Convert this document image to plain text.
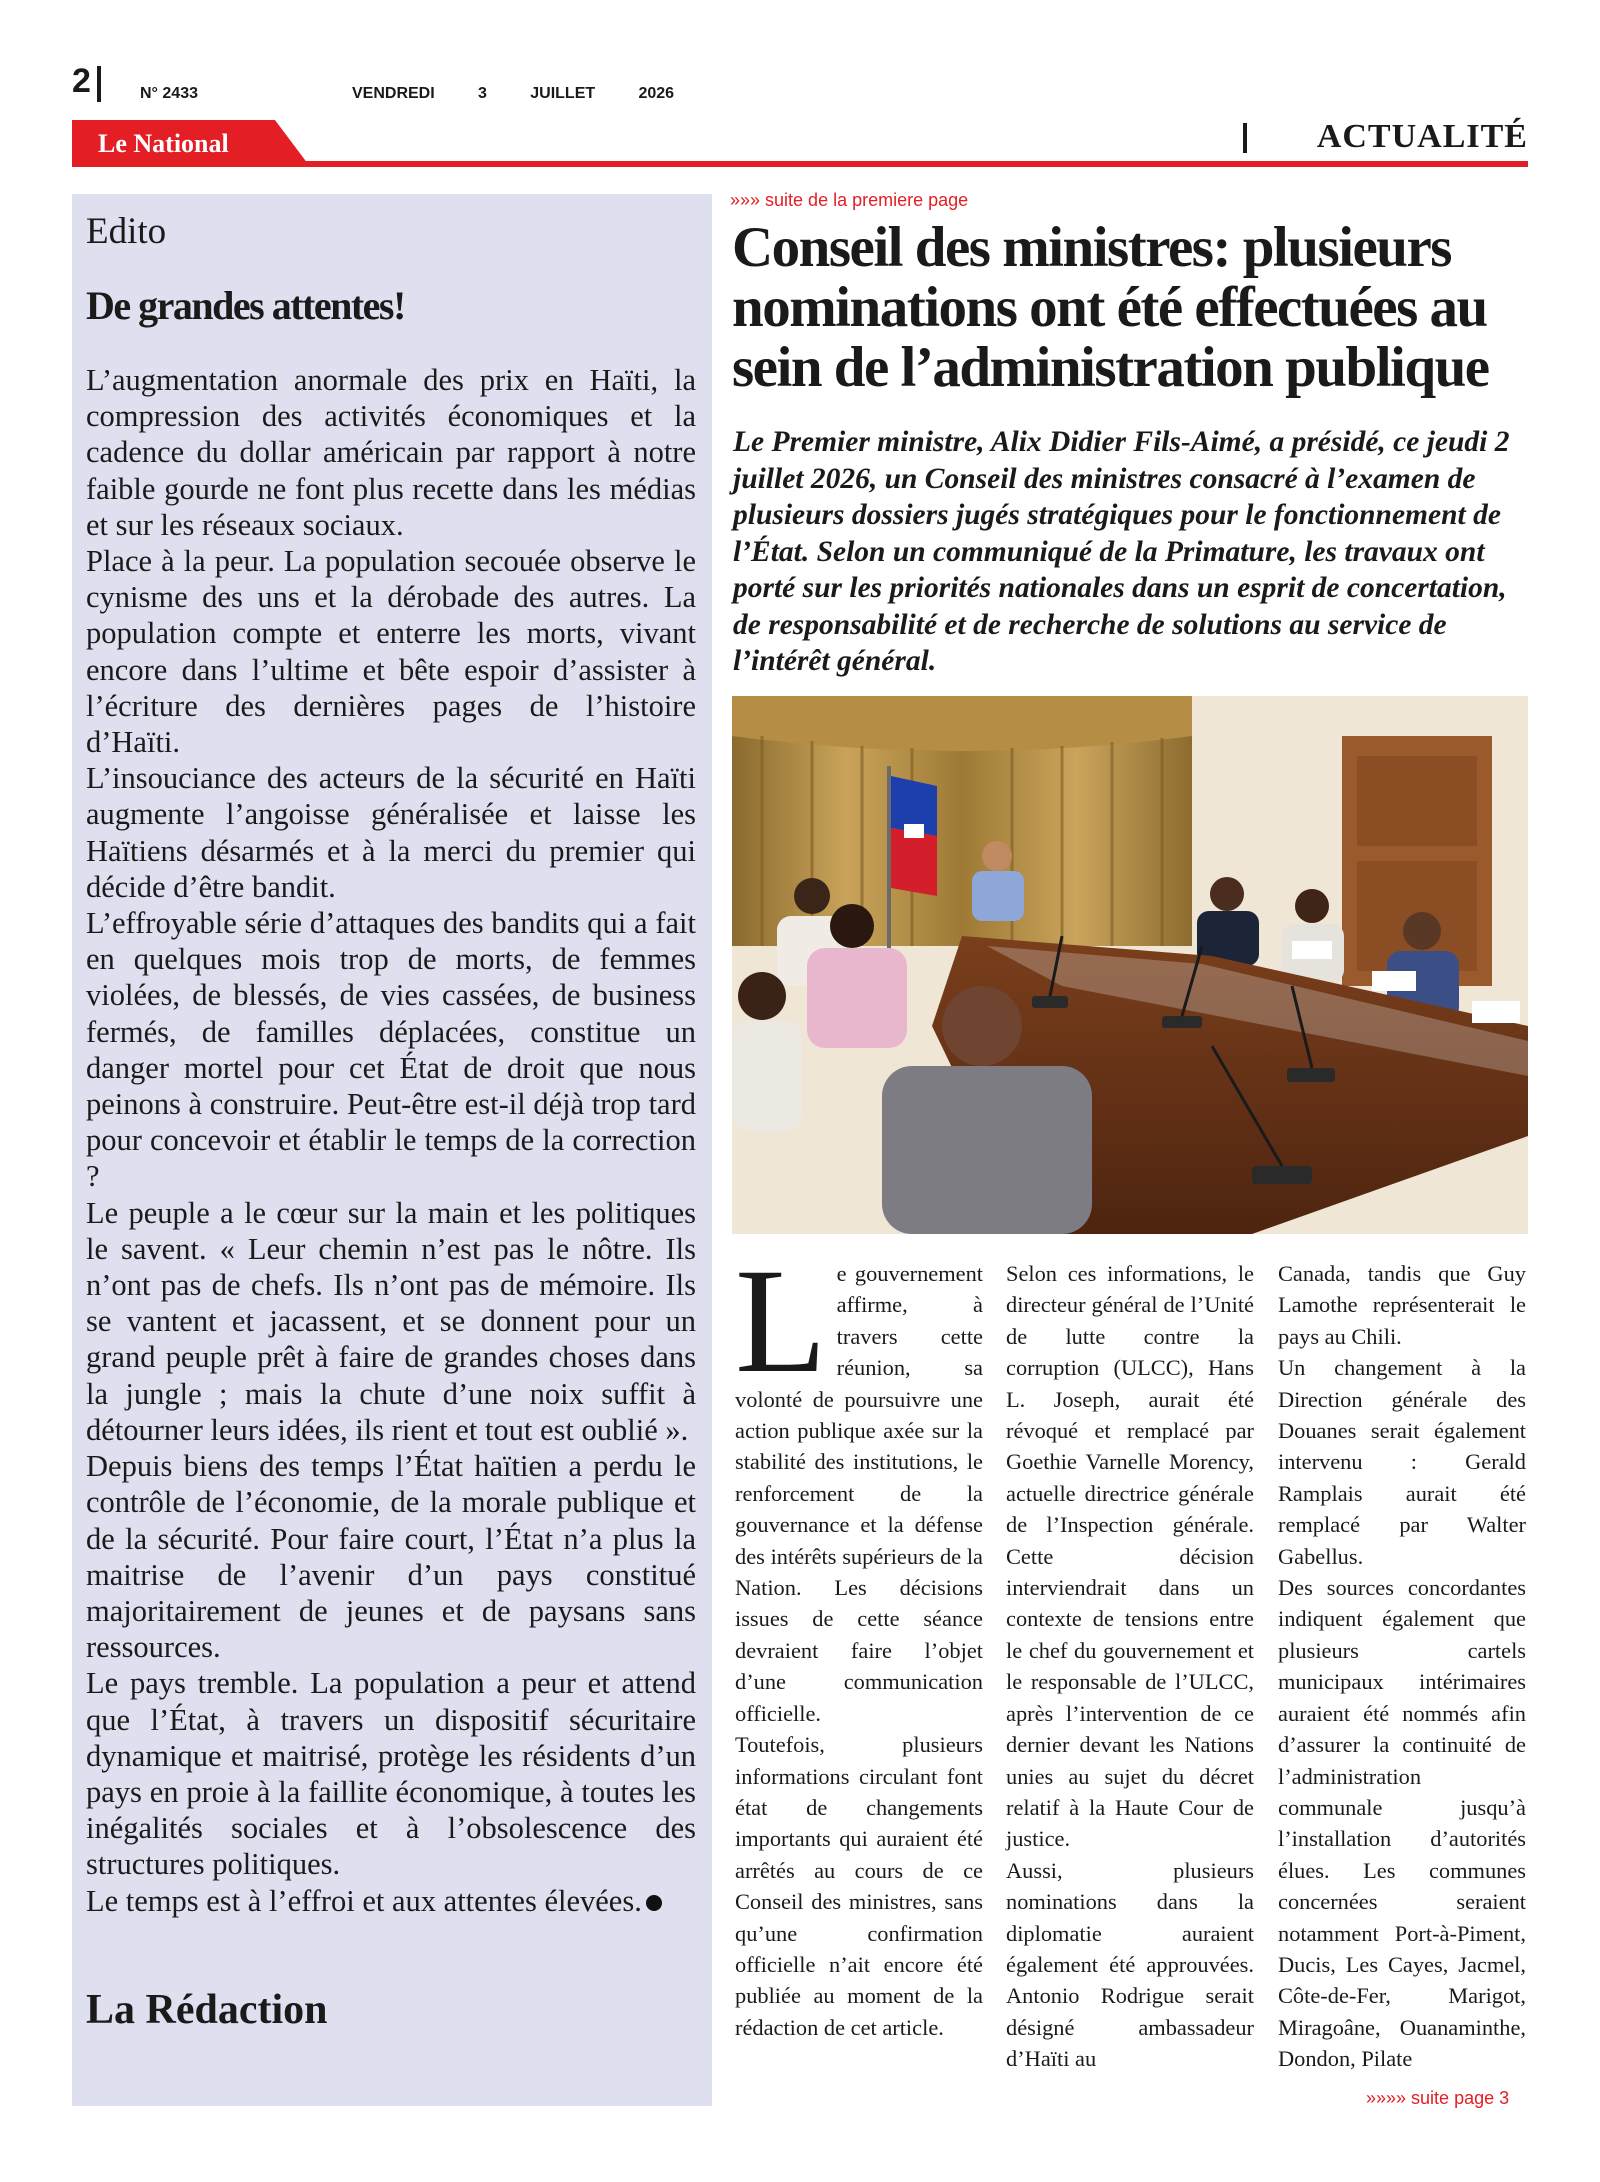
2	N° 2433	VENDREDI   3   JUILLET   2026
Le National	ACTUALITÉ
Edito
De grandes attentes!

L’augmentation anormale des prix en Haïti, la compression des activités économiques et la cadence du dollar américain par rapport à notre faible gourde ne font plus recette dans les médias et sur les réseaux sociaux.

Place à la peur. La population secouée observe le cynisme des uns et la dérobade des autres. La population compte et enterre les morts, vivant encore dans l’ultime et bête espoir d’assister à l’écriture des dernières pages de l’histoire d’Haïti.

L’insouciance des acteurs de la sécurité en Haïti augmente l’angoisse généralisée et laisse les Haïtiens désarmés et à la merci du premier qui décide d’être bandit.

L’effroyable série d’attaques des bandits qui a fait en quelques mois trop de morts, de femmes violées, de blessés, de vies cassées, de business fermés, de familles déplacées, constitue un danger mortel pour cet État de droit que nous peinons à construire. Peut-être est-il déjà trop tard pour concevoir et établir le temps de la correction ?

Le peuple a le cœur sur la main et les politiques le savent. « Leur chemin n’est pas le nôtre. Ils n’ont pas de chefs. Ils n’ont pas de mémoire. Ils se vantent et jacassent, et se donnent pour un grand peuple prêt à faire de grandes choses dans la jungle ; mais la chute d’une noix suffit à détourner leurs idées, ils rient et tout est oublié ».

Depuis biens des temps l’État haïtien a perdu le contrôle de l’économie, de la morale publique et de la sécurité. Pour faire court, l’État n’a plus la maitrise de l’avenir d’un pays constitué majoritairement de jeunes et de paysans sans ressources.

Le pays tremble. La population a peur et attend que l’État, à travers un dispositif sécuritaire dynamique et maitrisé, protège les résidents d’un pays en proie à la faillite économique, à toutes les inégalités sociales et à l’obsolescence des structures politiques.

Le temps est à l’effroi et aux attentes élevées.

La Rédaction
»»» suite de la premiere page
Conseil des ministres: plusieurs nominations ont été effectuées au sein de l’administration publique

Le Premier ministre, Alix Didier Fils-Aimé, a présidé, ce jeudi 2 juillet 2026, un Conseil des ministres consacré à l’examen de plusieurs dossiers jugés stratégiques pour le fonctionnement de l’État. Selon un communiqué de la Primature, les travaux ont porté sur les priorités nationales dans un esprit de concertation, de responsabilité et de recherche de solutions au service de l’intérêt général.

L e gouvernement affirme, à travers cette réunion, sa volonté de poursuivre une action publique axée sur la stabilité des institutions, le renforcement de la gouvernance et la défense des intérêts supérieurs de la Nation. Les décisions issues de cette séance devraient faire l’objet d’une communication officielle.

Toutefois, plusieurs informations circulant font état de changements importants qui auraient été arrêtés au cours de ce Conseil des ministres, sans qu’une confirmation officielle n’ait encore été publiée au moment de la rédaction de cet article.

Selon ces informations, le directeur général de l’Unité de lutte contre la corruption (ULCC), Hans L. Joseph, aurait été révoqué et remplacé par Goethie Varnelle Morency, actuelle directrice générale de l’Inspection générale. Cette décision interviendrait dans un contexte de tensions entre le chef du gouvernement et le responsable de l’ULCC, après l’intervention de ce dernier devant les Nations unies au sujet du décret relatif à la Haute Cour de justice.

Aussi, plusieurs nominations dans la diplomatie auraient également été approuvées. Antonio Rodrigue serait désigné ambassadeur d’Haïti au

Canada, tandis que Guy Lamothe représenterait le pays au Chili.

Un changement à la Direction générale des Douanes serait également intervenu : Gerald Ramplais aurait été remplacé par Walter Gabellus.

Des sources concordantes indiquent également que plusieurs cartels municipaux intérimaires auraient été nommés afin d’assurer la continuité de l’administration communale jusqu’à l’installation d’autorités élues. Les communes concernées seraient notamment Port-à-Piment, Ducis, Les Cayes, Jacmel, Côte-de-Fer, Marigot, Miragoâne, Ouanaminthe, Dondon, Pilate

»»»» suite page 3
